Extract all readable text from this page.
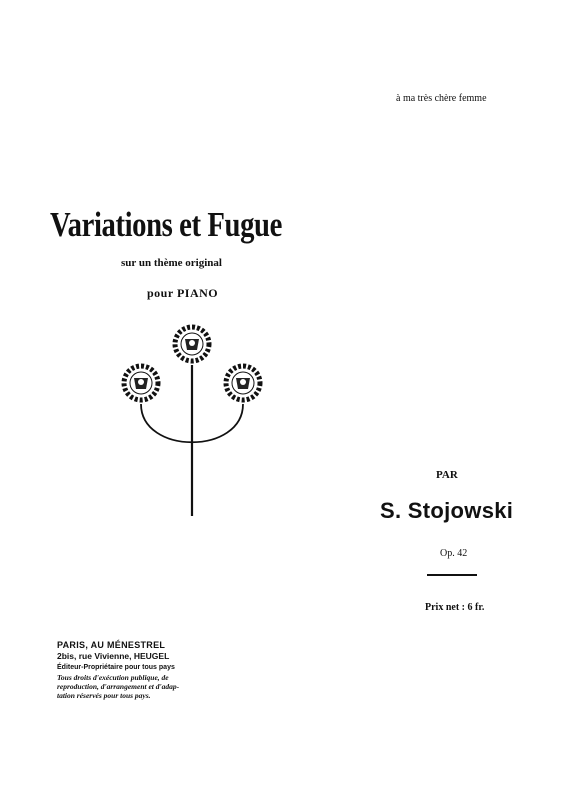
à ma très chère femme
Variations et Fugue
sur un thème original
pour PIANO
PAR
S. Stojowski
Op. 42
Prix net : 6 fr.
PARIS, AU MÉNESTREL
2bis, rue Vivienne, HEUGEL
Éditeur-Propriétaire pour tous pays
Tous droits d'exécution publique, de
reproduction, d'arrangement et d'adap-
tation réservés pour tous pays.
